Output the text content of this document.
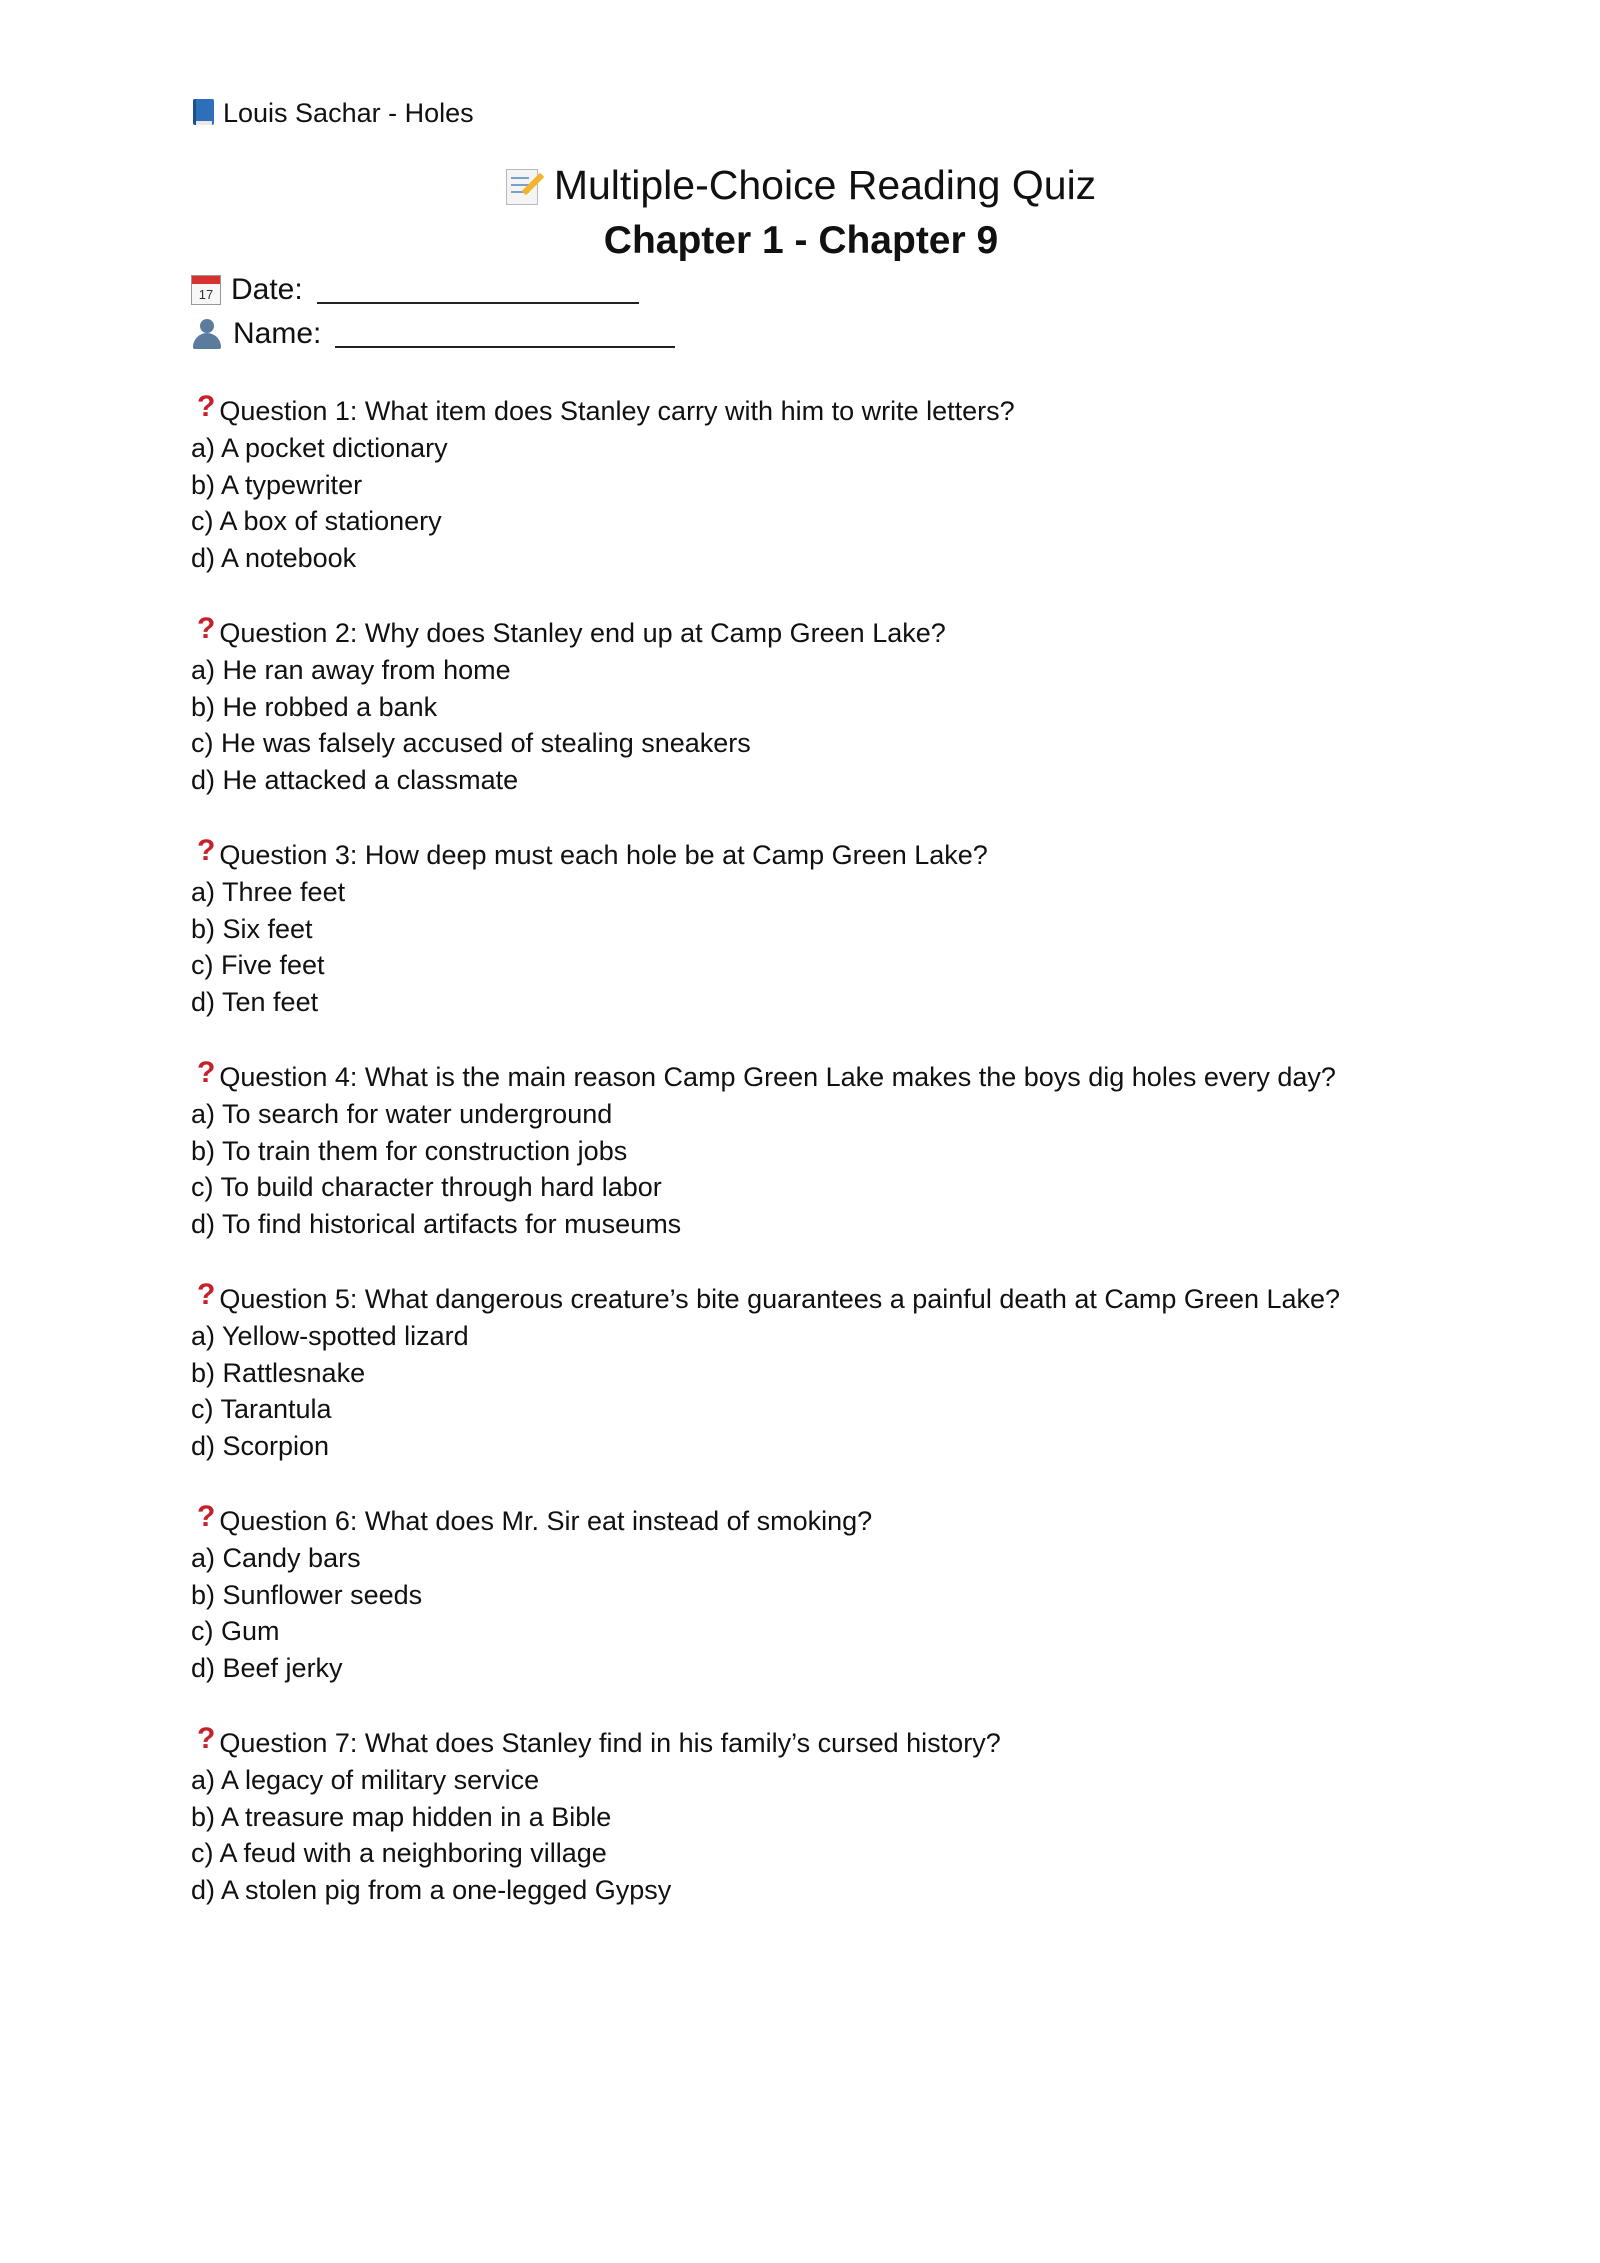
Louis Sachar - Holes
Multiple-Choice Reading Quiz
Chapter 1 - Chapter 9
17 Date:
Name:
? Question 1: What item does Stanley carry with him to write letters?
a) A pocket dictionary
b) A typewriter
c) A box of stationery
d) A notebook
? Question 2: Why does Stanley end up at Camp Green Lake?
a) He ran away from home
b) He robbed a bank
c) He was falsely accused of stealing sneakers
d) He attacked a classmate
? Question 3: How deep must each hole be at Camp Green Lake?
a) Three feet
b) Six feet
c) Five feet
d) Ten feet
? Question 4: What is the main reason Camp Green Lake makes the boys dig holes every day?
a) To search for water underground
b) To train them for construction jobs
c) To build character through hard labor
d) To find historical artifacts for museums
? Question 5: What dangerous creature’s bite guarantees a painful death at Camp Green Lake?
a) Yellow-spotted lizard
b) Rattlesnake
c) Tarantula
d) Scorpion
? Question 6: What does Mr. Sir eat instead of smoking?
a) Candy bars
b) Sunflower seeds
c) Gum
d) Beef jerky
? Question 7: What does Stanley find in his family’s cursed history?
a) A legacy of military service
b) A treasure map hidden in a Bible
c) A feud with a neighboring village
d) A stolen pig from a one-legged Gypsy
